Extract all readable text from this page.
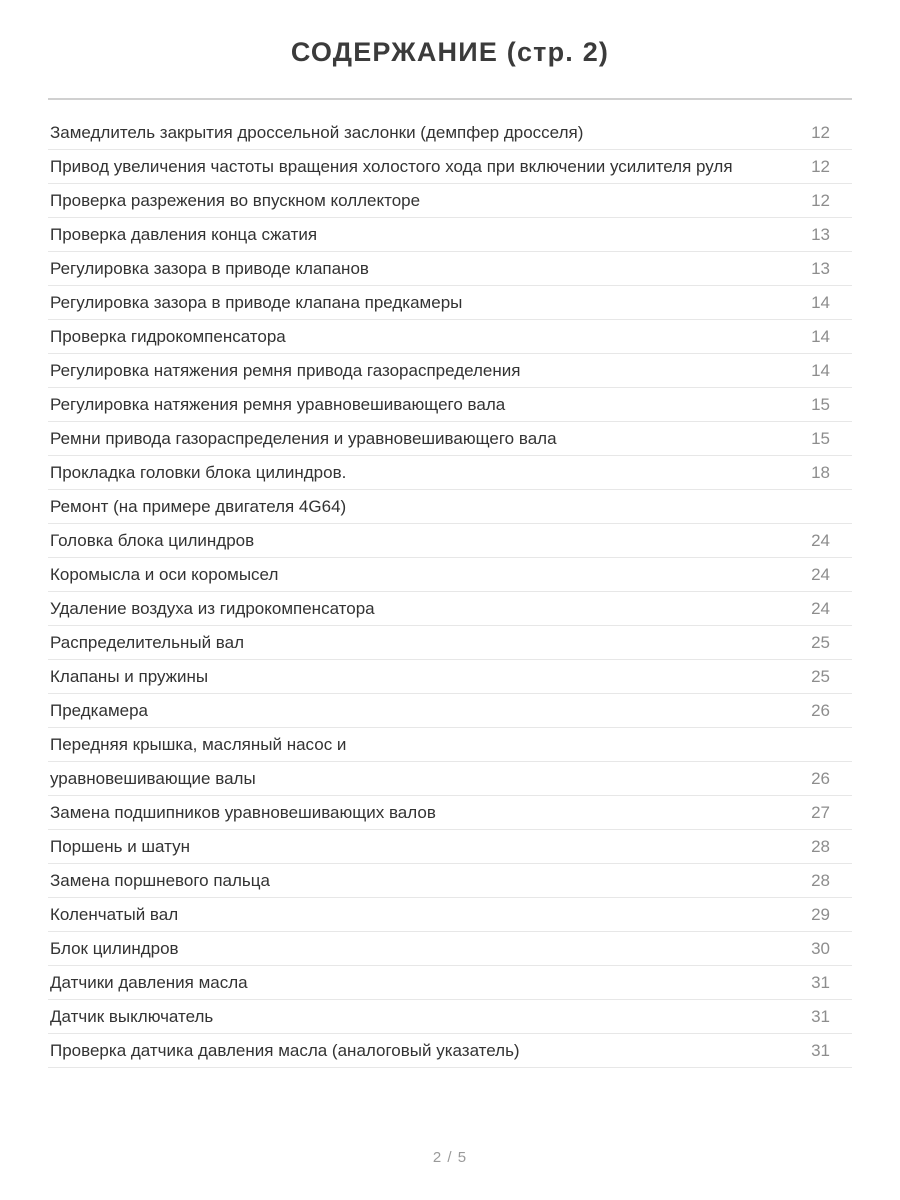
СОДЕРЖАНИЕ (стр. 2)
Замедлитель закрытия дроссельной заслонки (демпфер дросселя)	12
Привод увеличения частоты вращения холостого хода при включении усилителя руля	12
Проверка разрежения во впускном коллекторе	12
Проверка давления конца сжатия	13
Регулировка зазора в приводе клапанов	13
Регулировка зазора в приводе клапана предкамеры	14
Проверка гидрокомпенсатора	14
Регулировка натяжения ремня привода газораспределения	14
Регулировка натяжения ремня уравновешивающего вала	15
Ремни привода газораспределения и уравновешивающего вала	15
Прокладка головки блока цилиндров.	18
Ремонт (на примере двигателя 4G64)
Головка блока цилиндров	24
Коромысла и оси коромысел	24
Удаление воздуха из гидрокомпенсатора	24
Распределительный вал	25
Клапаны и пружины	25
Предкамера	26
Передняя крышка, масляный насос и
уравновешивающие валы	26
Замена подшипников уравновешивающих валов	27
Поршень и шатун	28
Замена поршневого пальца	28
Коленчатый вал	29
Блок цилиндров	30
Датчики давления масла	31
Датчик выключатель	31
Проверка датчика давления масла (аналоговый указатель)	31
2 / 5
